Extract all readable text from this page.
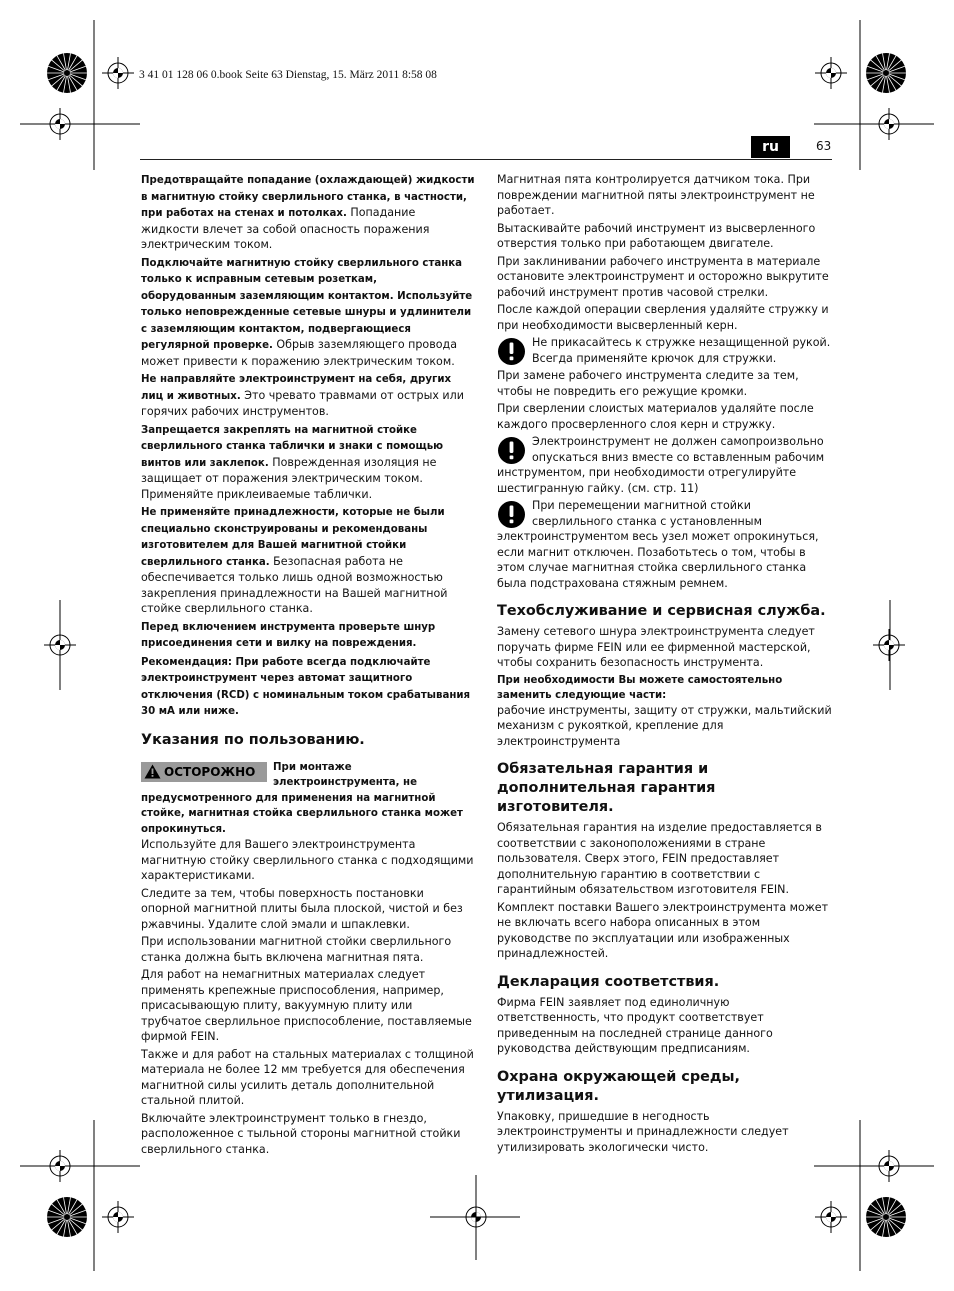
3 41 01 128 06 0.book Seite 63 Dienstag, 15. März 2011 8:58 08
ru	63

Предотвращайте попадание (охлаждающей) жидкости в магнитную стойку сверлильного станка, в частности, при работах на стенах и потолках. Попадание жидкости влечет за собой опасность поражения электрическим током.

Подключайте магнитную стойку сверлильного станка только к исправным сетевым розеткам, оборудованным заземляющим контактом. Используйте только неповрежденные сетевые шнуры и удлинители с заземляющим контактом, подвергающиеся регулярной проверке. Обрыв заземляющего провода может привести к поражению электрическим током.

Не направляйте электроинструмент на себя, других лиц и животных. Это чревато травмами от острых или горячих рабочих инструментов.

Запрещается закреплять на магнитной стойке сверлильного станка таблички и знаки с помощью винтов или заклепок. Поврежденная изоляция не защищает от поражения электрическим током. Применяйте приклеиваемые таблички.

Не применяйте принадлежности, которые не были специально сконструированы и рекомендованы изготовителем для Вашей магнитной стойки сверлильного станка. Безопасная работа не обеспечивается только лишь одной возможностью закрепления принадлежности на Вашей магнитной стойке сверлильного станка.

Перед включением инструмента проверьте шнур присоединения сети и вилку на повреждения.

Рекомендация: При работе всегда подключайте электроинструмент через автомат защитного отключения (RCD) с номинальным током срабатывания 30 мА или ниже.

Указания по пользованию.
ОСТОРОЖНО	При монтаже электроинструмента, не предусмотренного для применения на магнитной стойке, магнитная стойка сверлильного станка может опрокинуться.

Используйте для Вашего электроинструмента магнитную стойку сверлильного станка с подходящими характеристиками.

Следите за тем, чтобы поверхность постановки опорной магнитной плиты была плоской, чистой и без ржавчины. Удалите слой эмали и шпаклевки.

При использовании магнитной стойки сверлильного станка должна быть включена магнитная пята.

Для работ на немагнитных материалах следует применять крепежные приспособления, например, присасывающую плиту, вакуумную плиту или трубчатое сверлильное приспособление, поставляемые фирмой FEIN.

Также и для работ на стальных материалах с толщиной материала не более 12 мм требуется для обеспечения магнитной силы усилить деталь дополнительной стальной плитой.

Включайте электроинструмент только в гнездо, расположенное с тыльной стороны магнитной стойки сверлильного станка.

Магнитная пята контролируется датчиком тока. При повреждении магнитной пяты электроинструмент не работает.

Вытаскивайте рабочий инструмент из высверленного отверстия только при работающем двигателе.

При заклинивании рабочего инструмента в материале остановите электроинструмент и осторожно выкрутите рабочий инструмент против часовой стрелки.

После каждой операции сверления удаляйте стружку и при необходимости высверленный керн.

Не прикасайтесь к стружке незащищенной рукой. Всегда применяйте крючок для стружки.

При замене рабочего инструмента следите за тем, чтобы не повредить его режущие кромки.

При сверлении слоистых материалов удаляйте после каждого просверленного слоя керн и стружку.

Электроинструмент не должен самопроизвольно опускаться вниз вместе со вставленным рабочим инструментом, при необходимости отрегулируйте шестигранную гайку. (см. стр. 11)

При перемещении магнитной стойки сверлильного станка с установленным электроинструментом весь узел может опрокинуться, если магнит отключен. Позаботьтесь о том, чтобы в этом случае магнитная стойка сверлильного станка была подстрахована стяжным ремнем.

Техобслуживание и сервисная служба.

Замену сетевого шнура электроинструмента следует поручать фирме FEIN или ее фирменной мастерской, чтобы сохранить безопасность инструмента.

При необходимости Вы можете самостоятельно заменить следующие части:

рабочие инструменты, защиту от стружки, мальтийский механизм с рукояткой, крепление для электроинструмента

Обязательная гарантия и дополнительная гарантия изготовителя.

Обязательная гарантия на изделие предоставляется в соответствии с законоположениями в стране пользователя. Сверх этого, FEIN предоставляет дополнительную гарантию в соответствии с гарантийным обязательством изготовителя FEIN.

Комплект поставки Вашего электроинструмента может не включать всего набора описанных в этом руководстве по эксплуатации или изображенных принадлежностей.

Декларация соответствия.

Фирма FEIN заявляет под единоличную ответственность, что продукт соответствует приведенным на последней странице данного руководства действующим предписаниям.

Охрана окружающей среды, утилизация.

Упаковку, пришедшие в негодность электроинструменты и принадлежности следует утилизировать экологически чисто.
